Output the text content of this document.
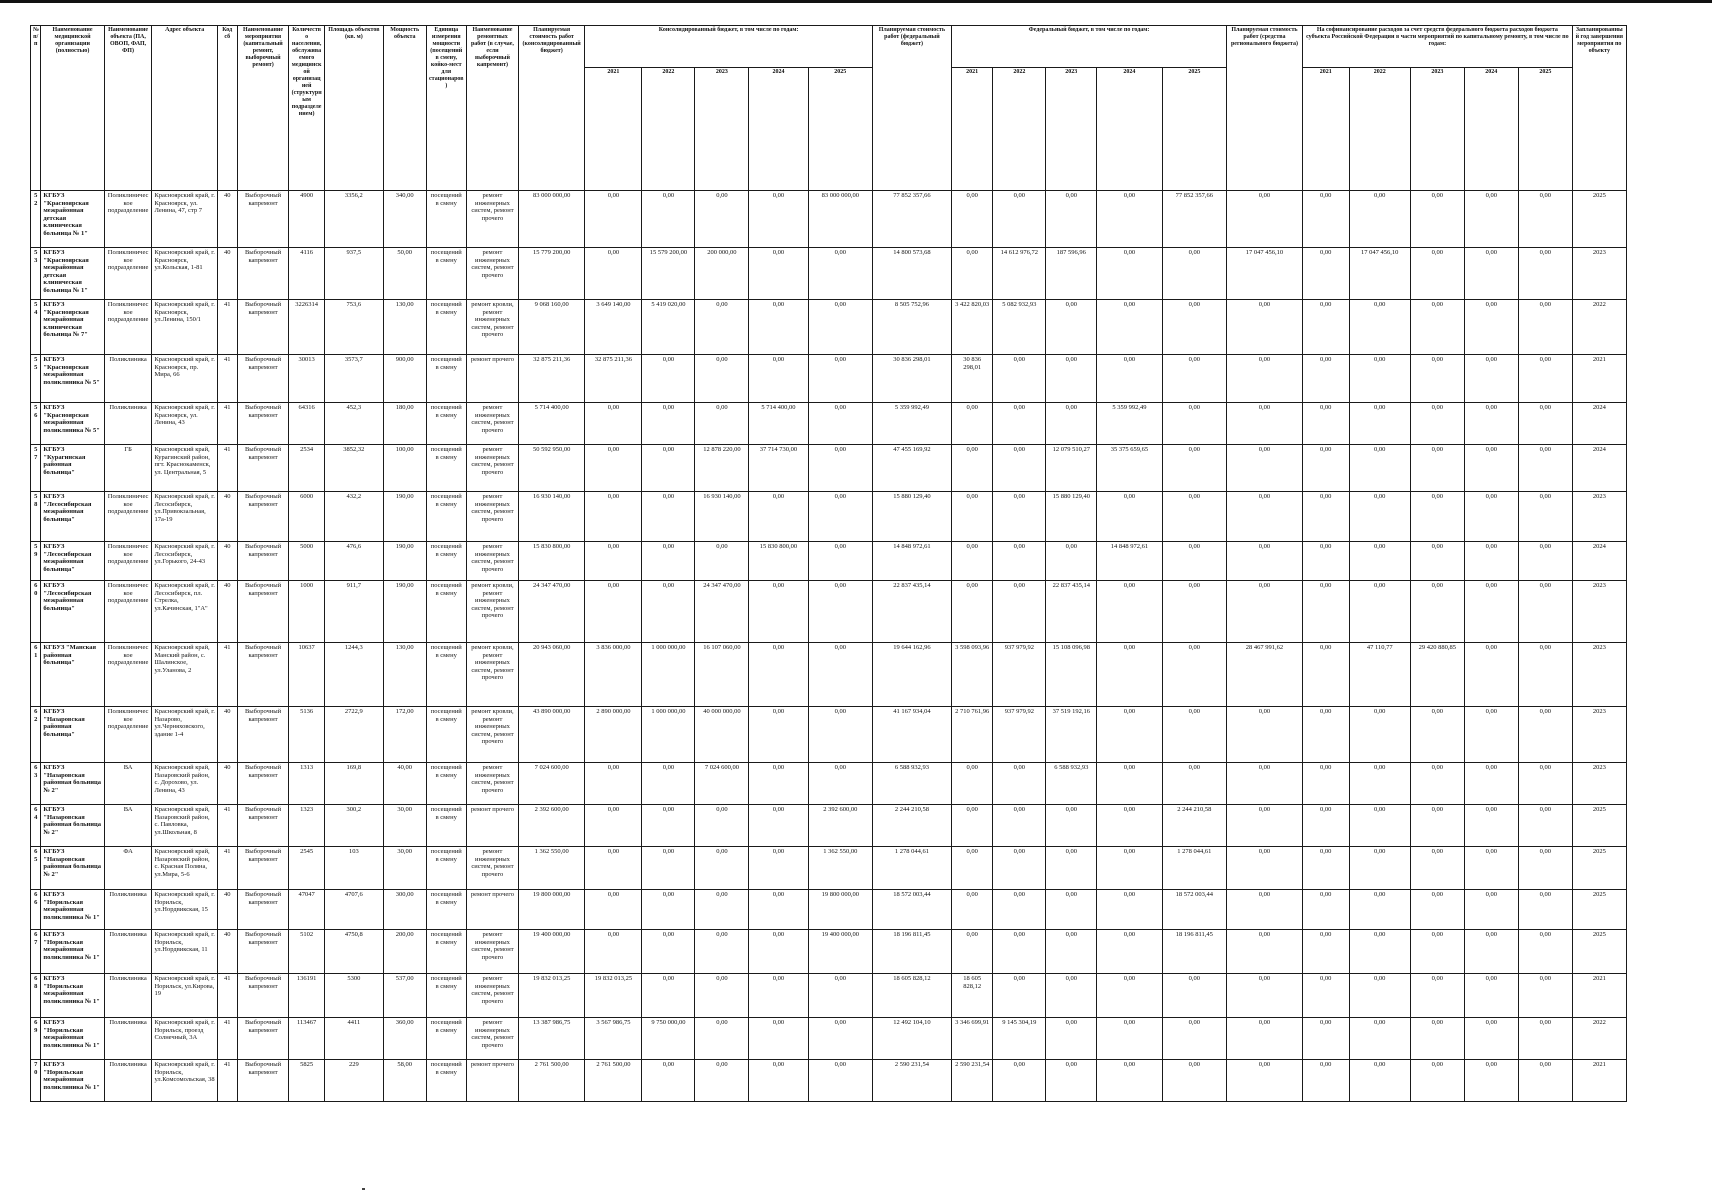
№ п/п	Наименование медицинской организации (полностью)	Наименование объекта (ПА, ОВОП, ФАП, ФП)	Адрес объекта	Код сб	Наименование мероприятия (капитальный ремонт, выборочный ремонт)	Количество населения, обслуживаемого медицинской организацией (структурным подразделением)	Площадь объектов (кв. м)	Мощность объекта	Единица измерения мощности (посещений в смену, койко-мест для стационаров)	Наименование ремонтных работ (в случае, если выборочный капремонт)	Планируемая стоимость работ (консолидированный бюджет)	Консолидированный бюджет, в том числе по годам:					Планируемая стоимость работ (федеральный бюджет)	Федеральный бюджет, в том числе по годам:					Планируемая стоимость работ (средства регионального бюджета)	На софинансирование расходов за счет средств федерального бюджета расходов бюджета субъекта Российской Федерации в части мероприятий по капитальному ремонту, в том числе по годам:					Запланированный год завершения мероприятия по объекту
												2021	2022	2023	2024	2025		2021	2022	2023	2024	2025		2021	2022	2023	2024	2025	
52	КГБУЗ "Красноярская межрайонная детская клиническая больница № 1"	Поликлиническое подразделение	Красноярский край, г. Красноярск, ул. Ленина, 47, стр 7	40	Выборочный капремонт	4900	3356,2	340,00	посещений в смену	ремонт инженерных систем, ремонт прочего	83 000 000,00	0,00	0,00	0,00	0,00	83 000 000,00	77 852 357,66	0,00	0,00	0,00	0,00	77 852 357,66	0,00	0,00	0,00	0,00	0,00	0,00	2025
53	КГБУЗ "Красноярская межрайонная детская клиническая больница № 1"	Поликлиническое подразделение	Красноярский край, г. Красноярск, ул.Кольская, 1-81	40	Выборочный капремонт	4116	937,5	50,00	посещений в смену	ремонт инженерных систем, ремонт прочего	15 779 200,00	0,00	15 579 200,00	200 000,00	0,00	0,00	14 800 573,68	0,00	14 612 976,72	187 596,96	0,00	0,00	17 047 456,10	0,00	17 047 456,10	0,00	0,00	0,00	2023
54	КГБУЗ "Красноярская межрайонная клиническая больница № 7"	Поликлиническое подразделение	Красноярский край, г. Красноярск, ул.Ленина, 150/1	41	Выборочный капремонт	3226314	753,6	130,00	посещений в смену	ремонт кровли, ремонт инженерных систем, ремонт прочего	9 068 160,00	3 649 140,00	5 419 020,00	0,00	0,00	0,00	8 505 752,96	3 422 820,03	5 082 932,93	0,00	0,00	0,00	0,00	0,00	0,00	0,00	0,00	0,00	2022
55	КГБУЗ "Красноярская межрайонная поликлиника № 5"	Поликлиника	Красноярский край, г. Красноярск, пр. Мира, 66	41	Выборочный капремонт	30013	3573,7	900,00	посещений в смену	ремонт прочего	32 875 211,36	32 875 211,36	0,00	0,00	0,00	0,00	30 836 298,01	30 836 298,01	0,00	0,00	0,00	0,00	0,00	0,00	0,00	0,00	0,00	0,00	2021
56	КГБУЗ "Красноярская межрайонная поликлиника № 5"	Поликлиника	Красноярский край, г. Красноярск, ул. Ленина, 43	41	Выборочный капремонт	64316	452,3	180,00	посещений в смену	ремонт инженерных систем, ремонт прочего	5 714 400,00	0,00	0,00	0,00	5 714 400,00	0,00	5 359 992,49	0,00	0,00	0,00	5 359 992,49	0,00	0,00	0,00	0,00	0,00	0,00	0,00	2024
57	КГБУЗ "Курагинская районная больница"	ГБ	Красноярский край, Курагинский район, пгт. Краснокаменск, ул. Центральная, 5	41	Выборочный капремонт	2534	3852,32	100,00	посещений в смену	ремонт инженерных систем, ремонт прочего	50 592 950,00	0,00	0,00	12 878 220,00	37 714 730,00	0,00	47 455 169,92	0,00	0,00	12 079 510,27	35 375 659,65	0,00	0,00	0,00	0,00	0,00	0,00	0,00	2024
58	КГБУЗ "Лесосибирская межрайонная больница"	Поликлиническое подразделение	Красноярский край, г. Лесосибирск, ул.Привокзальная, 17а-19	40	Выборочный капремонт	6000	432,2	190,00	посещений в смену	ремонт инженерных систем, ремонт прочего	16 930 140,00	0,00	0,00	16 930 140,00	0,00	0,00	15 880 129,40	0,00	0,00	15 880 129,40	0,00	0,00	0,00	0,00	0,00	0,00	0,00	0,00	2023
59	КГБУЗ "Лесосибирская межрайонная больница"	Поликлиническое подразделение	Красноярский край, г. Лесосибирск, ул.Горького, 24-43	40	Выборочный капремонт	5000	476,6	190,00	посещений в смену	ремонт инженерных систем, ремонт прочего	15 830 800,00	0,00	0,00	0,00	15 830 800,00	0,00	14 848 972,61	0,00	0,00	0,00	14 848 972,61	0,00	0,00	0,00	0,00	0,00	0,00	0,00	2024
60	КГБУЗ "Лесосибирская межрайонная больница"	Поликлиническое подразделение	Красноярский край, г. Лесосибирск, пл. Стрелка, ул.Качинская, 1"А"	40	Выборочный капремонт	1000	911,7	190,00	посещений в смену	ремонт кровли, ремонт инженерных систем, ремонт прочего	24 347 470,00	0,00	0,00	24 347 470,00	0,00	0,00	22 837 435,14	0,00	0,00	22 837 435,14	0,00	0,00	0,00	0,00	0,00	0,00	0,00	0,00	2023
61	КГБУЗ "Манская районная больница"	Поликлиническое подразделение	Красноярский край, Манский район, с. Шалинское, ул.Уланова, 2	41	Выборочный капремонт	10637	1244,3	130,00	посещений в смену	ремонт кровли, ремонт инженерных систем, ремонт прочего	20 943 060,00	3 836 000,00	1 000 000,00	16 107 060,00	0,00	0,00	19 644 162,96	3 598 093,96	937 979,92	15 108 096,98	0,00	0,00	28 467 991,62	0,00	47 110,77	29 420 880,85	0,00	0,00	2023
62	КГБУЗ "Назаровская районная больница"	Поликлиническое подразделение	Красноярский край, г. Назарово, ул.Черняховского, здание 1-4	40	Выборочный капремонт	5136	2722,9	172,00	посещений в смену	ремонт кровли, ремонт инженерных систем, ремонт прочего	43 890 000,00	2 890 000,00	1 000 000,00	40 000 000,00	0,00	0,00	41 167 934,04	2 710 761,96	937 979,92	37 519 192,16	0,00	0,00	0,00	0,00	0,00	0,00	0,00	0,00	2023
63	КГБУЗ "Назаровская районная больница № 2"	ВА	Красноярский край, Назаровский район, с. Дорохово, ул. Ленина, 43	40	Выборочный капремонт	1313	169,8	40,00	посещений в смену	ремонт инженерных систем, ремонт прочего	7 024 600,00	0,00	0,00	7 024 600,00	0,00	0,00	6 588 932,93	0,00	0,00	6 588 932,93	0,00	0,00	0,00	0,00	0,00	0,00	0,00	0,00	2023
64	КГБУЗ "Назаровская районная больница № 2"	ВА	Красноярский край, Назаровский район, с. Павловка, ул.Школьная, 8	41	Выборочный капремонт	1323	300,2	30,00	посещений в смену	ремонт прочего	2 392 600,00	0,00	0,00	0,00	0,00	2 392 600,00	2 244 210,58	0,00	0,00	0,00	0,00	2 244 210,58	0,00	0,00	0,00	0,00	0,00	0,00	2025
65	КГБУЗ "Назаровская районная больница № 2"	ФА	Красноярский край, Назаровский район, с. Красная Поляна, ул.Мира, 5-6	41	Выборочный капремонт	2545	103	30,00	посещений в смену	ремонт инженерных систем, ремонт прочего	1 362 550,00	0,00	0,00	0,00	0,00	1 362 550,00	1 278 044,61	0,00	0,00	0,00	0,00	1 278 044,61	0,00	0,00	0,00	0,00	0,00	0,00	2025
66	КГБУЗ "Норильская межрайонная поликлиника № 1"	Поликлиника	Красноярский край, г. Норильск, ул.Нордвикская, 15	40	Выборочный капремонт	47047	4707,6	300,00	посещений в смену	ремонт прочего	19 800 000,00	0,00	0,00	0,00	0,00	19 800 000,00	18 572 003,44	0,00	0,00	0,00	0,00	18 572 003,44	0,00	0,00	0,00	0,00	0,00	0,00	2025
67	КГБУЗ "Норильская межрайонная поликлиника № 1"	Поликлиника	Красноярский край, г. Норильск, ул.Нордвикская, 11	40	Выборочный капремонт	5102	4750,8	200,00	посещений в смену	ремонт инженерных систем, ремонт прочего	19 400 000,00	0,00	0,00	0,00	0,00	19 400 000,00	18 196 811,45	0,00	0,00	0,00	0,00	18 196 811,45	0,00	0,00	0,00	0,00	0,00	0,00	2025
68	КГБУЗ "Норильская межрайонная поликлиника № 1"	Поликлиника	Красноярский край, г. Норильск, ул.Кирова, 19	41	Выборочный капремонт	136191	5300	537,00	посещений в смену	ремонт инженерных систем, ремонт прочего	19 832 013,25	19 832 013,25	0,00	0,00	0,00	0,00	18 605 828,12	18 605 828,12	0,00	0,00	0,00	0,00	0,00	0,00	0,00	0,00	0,00	0,00	2021
69	КГБУЗ "Норильская межрайонная поликлиника № 1"	Поликлиника	Красноярский край, г. Норильск, проезд Солнечный, 3А	41	Выборочный капремонт	113467	4411	360,00	посещений в смену	ремонт инженерных систем, ремонт прочего	13 387 986,75	3 567 986,75	9 750 000,00	0,00	0,00	0,00	12 492 104,10	3 346 699,91	9 145 304,19	0,00	0,00	0,00	0,00	0,00	0,00	0,00	0,00	0,00	2022
70	КГБУЗ "Норильская межрайонная поликлиника № 1"	Поликлиника	Красноярский край, г. Норильск, ул.Комсомольская, 38	41	Выборочный капремонт	5825	229	58,00	посещений в смену	ремонт прочего	2 761 500,00	2 761 500,00	0,00	0,00	0,00	0,00	2 590 231,54	2 590 231,54	0,00	0,00	0,00	0,00	0,00	0,00	0,00	0,00	0,00	0,00	2021
